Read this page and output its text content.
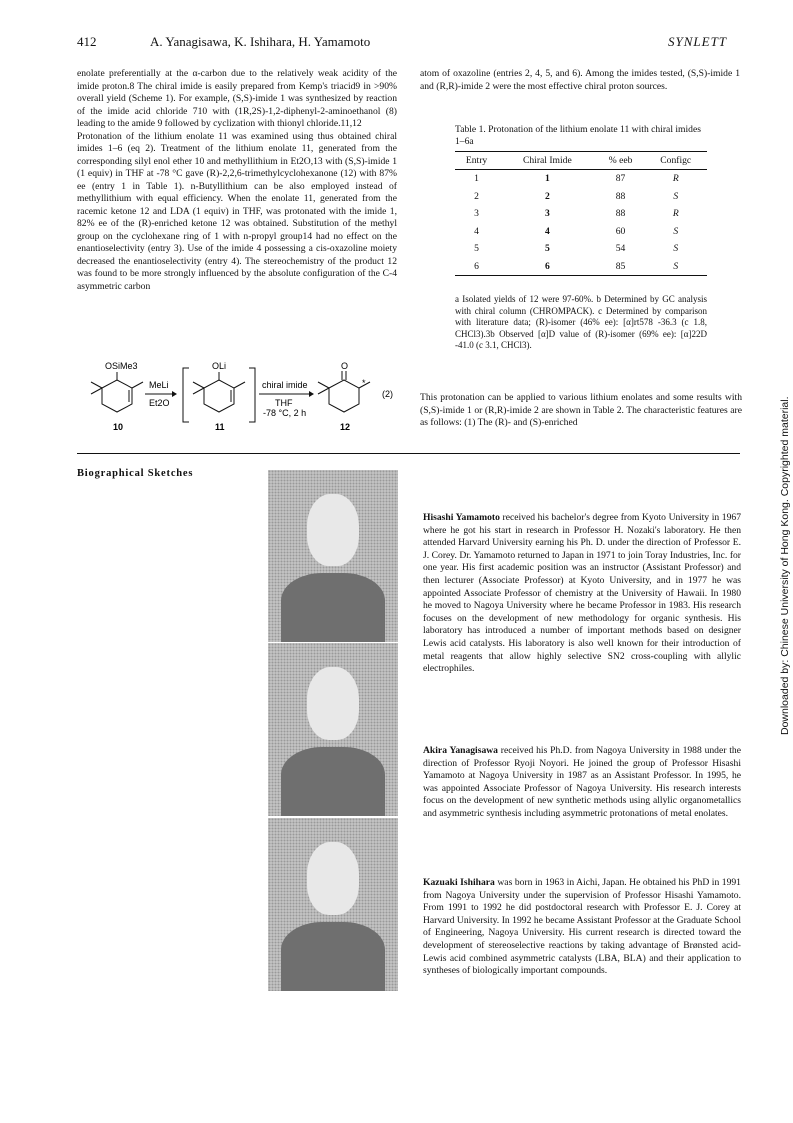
412	A. Yanagisawa, K. Ishihara, H. Yamamoto	SYNLETT

enolate preferentially at the α-carbon due to the relatively weak acidity of the imide proton.8 The chiral imide is easily prepared from Kemp's triacid9 in >90% overall yield (Scheme 1). For example, (S,S)-imide 1 was synthesized by reaction of the imide acid chloride 710 with (1R,2S)-1,2-diphenyl-2-aminoethanol (8) leading to the amide 9 followed by cyclization with thionyl chloride.11,12

Protonation of the lithium enolate 11 was examined using thus obtained chiral imides 1–6 (eq 2). Treatment of the lithium enolate 11, generated from the corresponding silyl enol ether 10 and methyllithium in Et2O,13 with (S,S)-imide 1 (1 equiv) in THF at -78 °C gave (R)-2,2,6-trimethylcyclohexanone (12) with 87% ee (entry 1 in Table 1). n-Butyllithium can be also employed instead of methyllithium with equal efficiency. When the enolate 11, generated from the racemic ketone 12 and LDA (1 equiv) in THF, was protonated with the imide 1, 82% ee of the (R)-enriched ketone 12 was obtained. Substitution of the methyl group on the cyclohexane ring of 1 with n-propyl group14 had no effect on the enantioselectivity (entry 3). Use of the imide 4 possessing a cis-oxazoline moiety decreased the enantioselectivity (entry 4). The stereochemistry of the product 12 was found to be more strongly influenced by the absolute configuration of the C-4 asymmetric carbon

OSiMe3
10
MeLi
Et2O
OLi
11
chiral imide
THF
-78 °C, 2 h
O
*
12
(2)
atom of oxazoline (entries 2, 4, 5, and 6). Among the imides tested, (S,S)-imide 1 and (R,R)-imide 2 were the most effective chiral proton sources.
Table 1. Protonation of the lithium enolate 11 with chiral imides 1–6a
Entry	Chiral Imide	% eeb	Configc
1	1	87	R
2	2	88	S
3	3	88	R
4	4	60	S
5	5	54	S
6	6	85	S
a Isolated yields of 12 were 97-60%. b Determined by GC analysis with chiral column (CHROMPACK). c Determined by comparison with literature data; (R)-isomer (46% ee): [α]rt578 -36.3 (c 1.8, CHCl3).3b Observed [α]D value of (R)-isomer (69% ee): [α]22D -41.0 (c 3.1, CHCl3).
This protonation can be applied to various lithium enolates and some results with (S,S)-imide 1 or (R,R)-imide 2 are shown in Table 2. The characteristic features are as follows: (1) The (R)- and (S)-enriched
Biographical Sketches
Hisashi Yamamoto received his bachelor's degree from Kyoto University in 1967 where he got his start in research in Professor H. Nozaki's laboratory. He then attended Harvard University earning his Ph. D. under the direction of Professor E. J. Corey. Dr. Yamamoto returned to Japan in 1971 to join Toray Industries, Inc. for one year. His first academic position was an instructor (Assistant Professor) and then lecturer (Associate Professor) at Kyoto University, and in 1977 he was appointed Associate Professor of chemistry at the University of Hawaii. In 1980 he moved to Nagoya University where he became Professor in 1983. His research focuses on the development of new methodology for organic synthesis. His laboratory has introduced a number of important methods based on designer Lewis acid catalysts. His laboratory is also well known for their introduction of metal reagents that allow highly selective SN2 cross-coupling with allylic electrophiles.
Akira Yanagisawa received his Ph.D. from Nagoya University in 1988 under the direction of Professor Ryoji Noyori. He joined the group of Professor Hisashi Yamamoto at Nagoya University in 1987 as an Assistant Professor. In 1995, he was appointed Associate Professor of Nagoya University. His research interests focus on the development of new synthetic methods using allylic organometallics and asymmetric synthesis including asymmetric protonations of metal enolates.
Kazuaki Ishihara was born in 1963 in Aichi, Japan. He obtained his PhD in 1991 from Nagoya University under the supervision of Professor Hisashi Yamamoto. From 1991 to 1992 he did postdoctoral research with Professor E. J. Corey at Harvard University. In 1992 he became Assistant Professor at the Graduate School of Engineering, Nagoya University. His current research is directed toward the development of stereoselective reactions by taking advantage of Brønsted acid-Lewis acid combined asymmetric catalysts (LBA, BLA) and their application to syntheses of biologically important compounds.
Downloaded by: Chinese University of Hong Kong. Copyrighted material.
